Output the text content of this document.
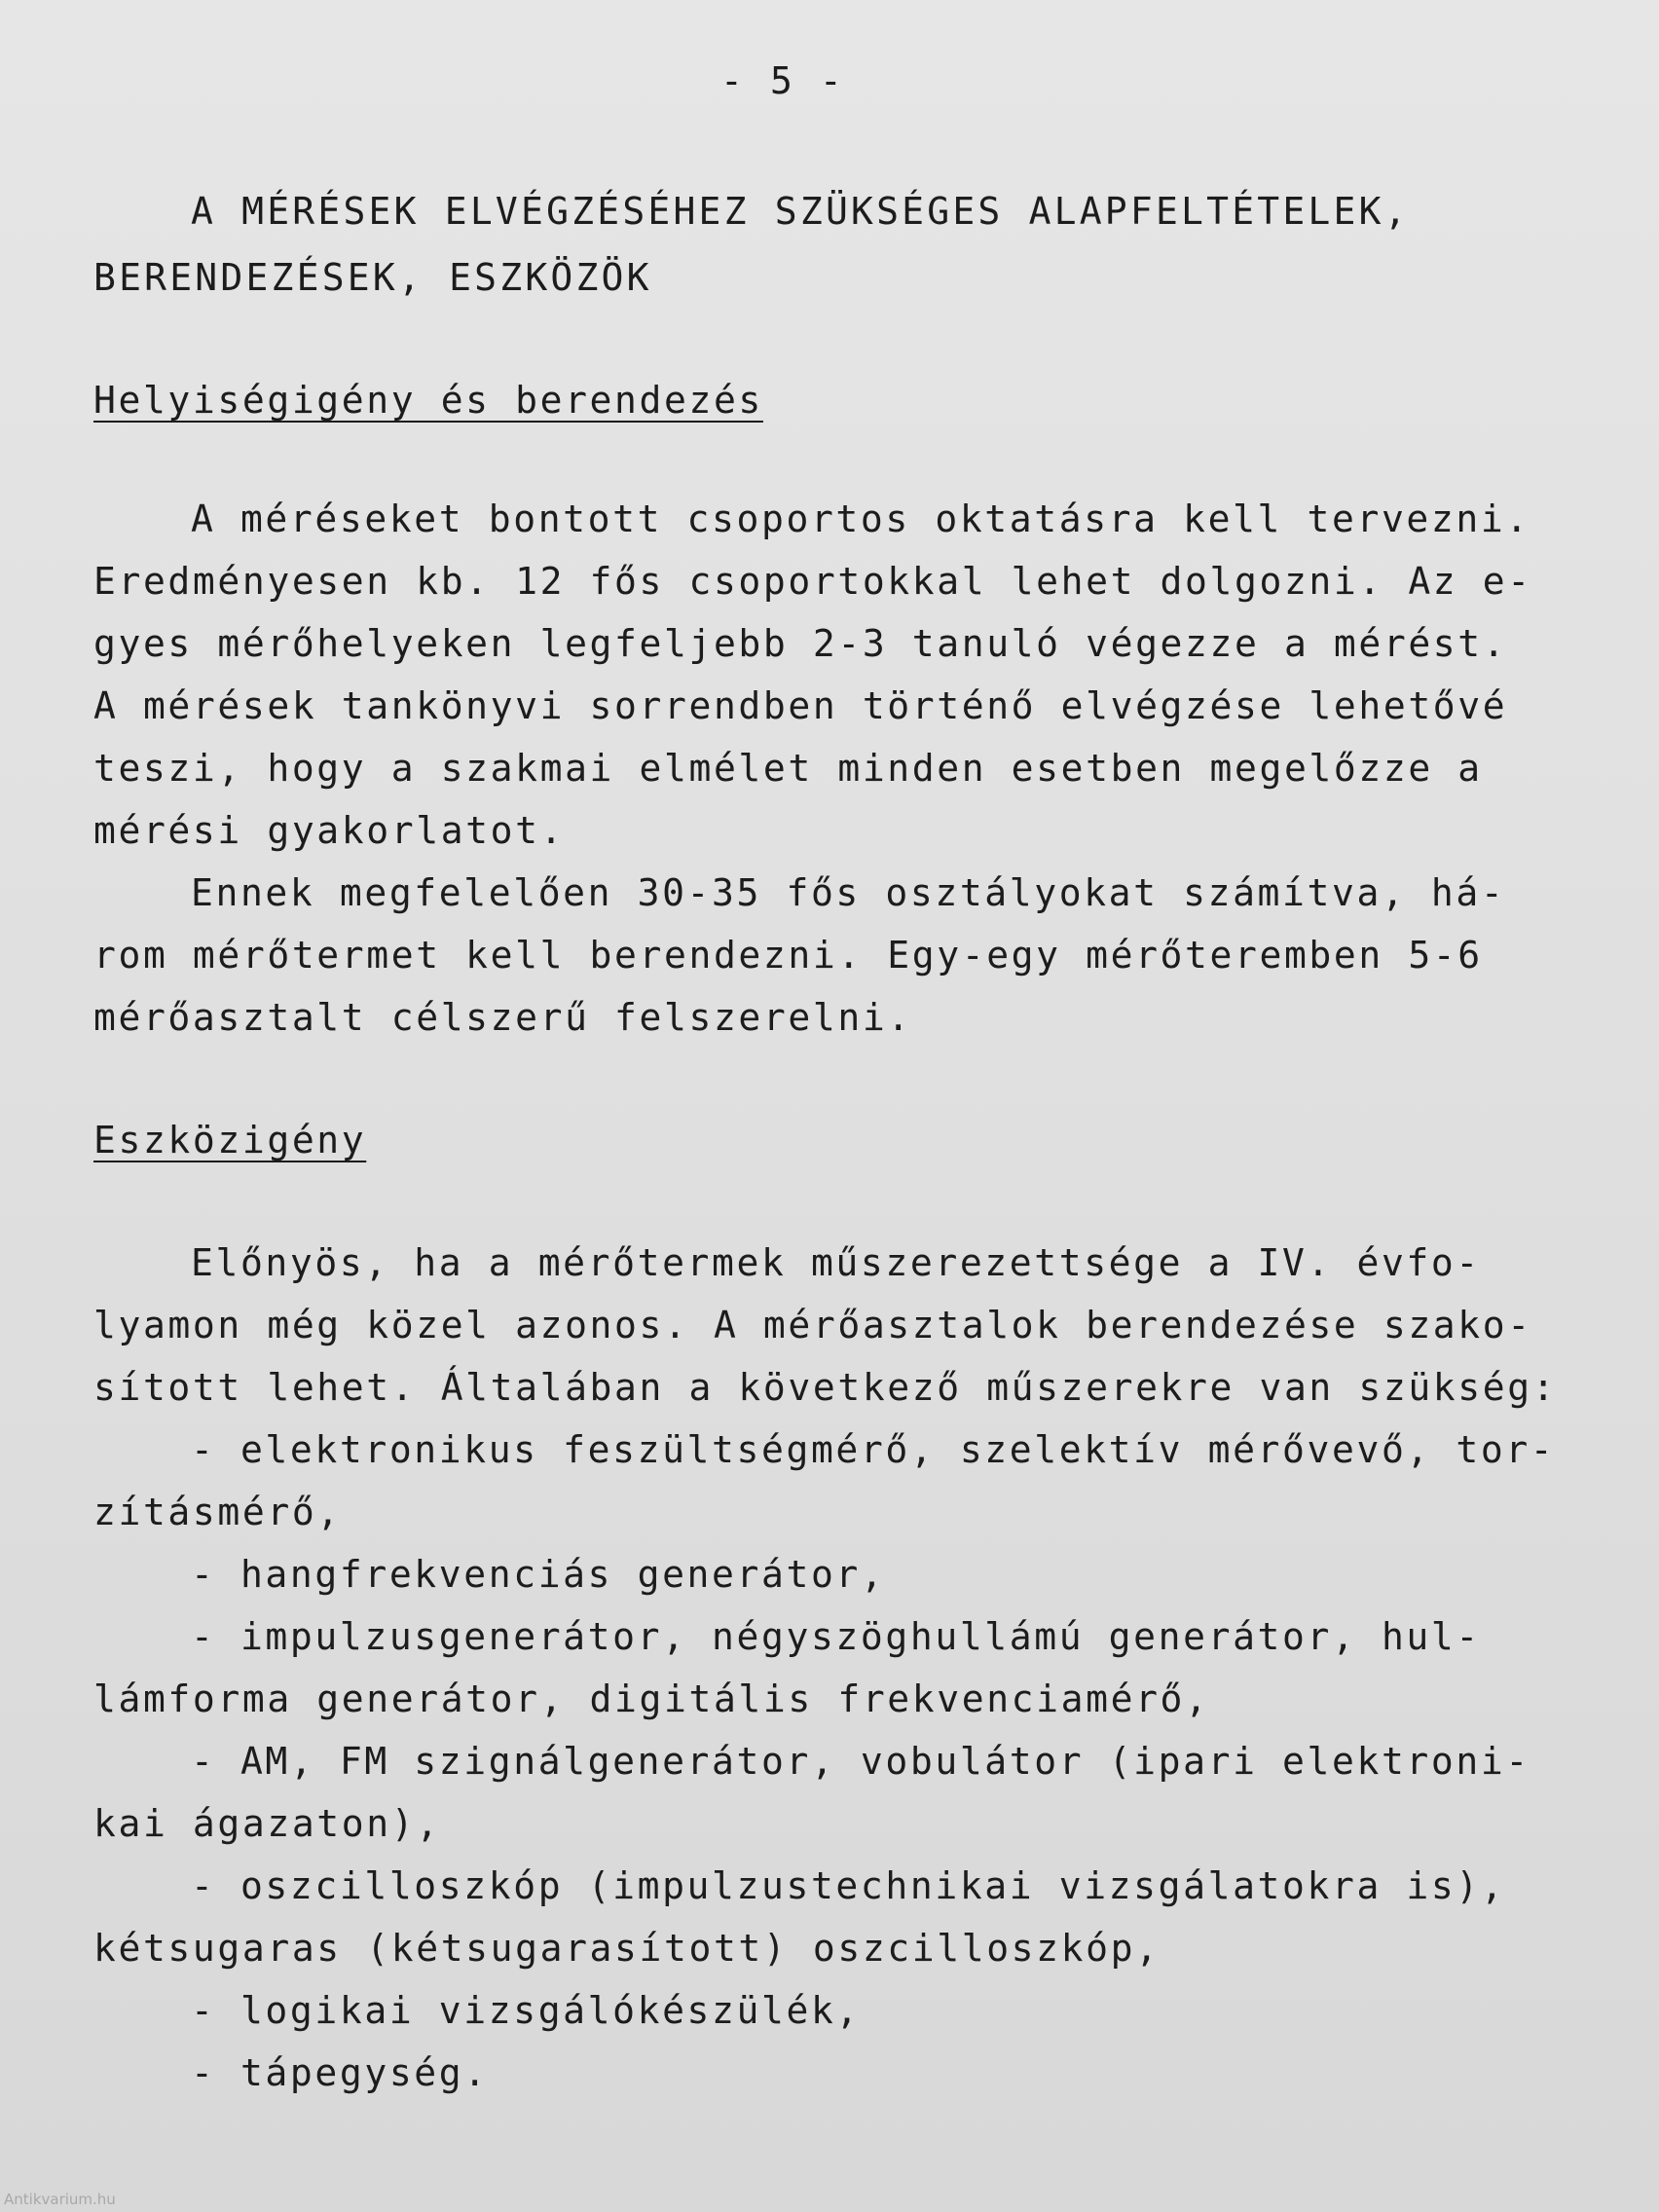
- 5 -
A MÉRÉSEK ELVÉGZÉSÉHEZ SZÜKSÉGES ALAPFELTÉTELEK,
BERENDEZÉSEK, ESZKÖZÖK
Helyiségigény és berendezés
A méréseket bontott csoportos oktatásra kell tervezni.
Eredményesen kb. 12 fős csoportokkal lehet dolgozni. Az e-
gyes mérőhelyeken legfeljebb 2-3 tanuló végezze a mérést.
A mérések tankönyvi sorrendben történő elvégzése lehetővé
teszi, hogy a szakmai elmélet minden esetben megelőzze a
mérési gyakorlatot.
Ennek megfelelően 30-35 fős osztályokat számítva, há-
rom mérőtermet kell berendezni. Egy-egy mérőteremben 5-6
mérőasztalt célszerű felszerelni.
Eszközigény
Előnyös, ha a mérőtermek műszerezettsége a IV. évfo-
lyamon még közel azonos. A mérőasztalok berendezése szako-
sított lehet. Általában a következő műszerekre van szükség:
- elektronikus feszültségmérő, szelektív mérővevő, tor-
zításmérő,
- hangfrekvenciás generátor,
- impulzusgenerátor, négyszöghullámú generátor, hul-
lámforma generátor, digitális frekvenciamérő,
- AM, FM szignálgenerátor, vobulátor (ipari elektroni-
kai ágazaton),
- oszcilloszkóp (impulzustechnikai vizsgálatokra is),
kétsugaras (kétsugarasított) oszcilloszkóp,
- logikai vizsgálókészülék,
- tápegység.
Antikvarium.hu
